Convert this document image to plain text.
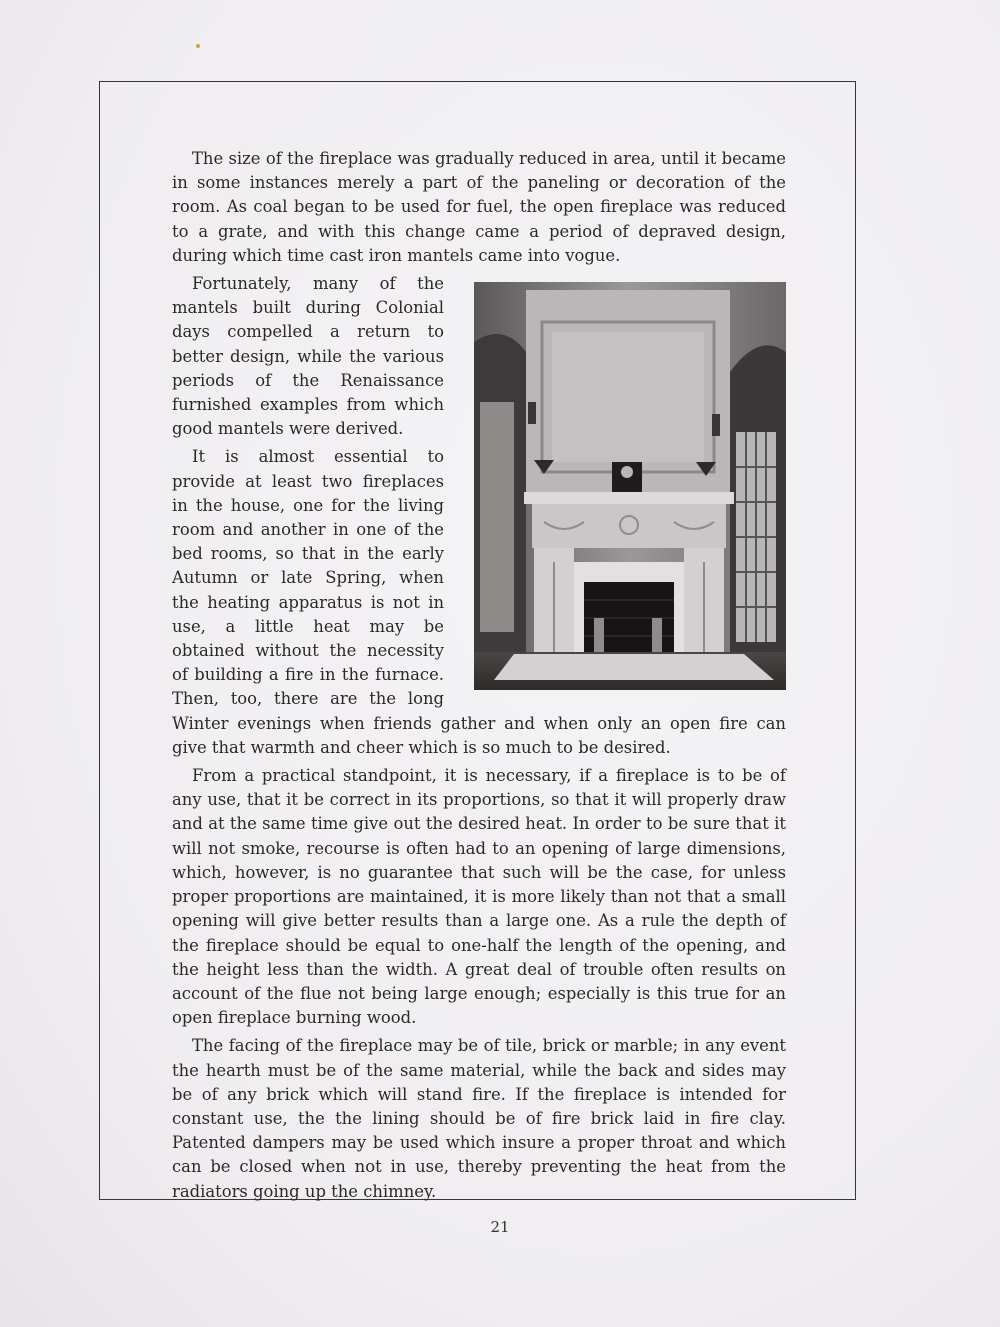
The size of the fireplace was gradually reduced in area, until it became in some instances merely a part of the paneling or decoration of the room. As coal began to be used for fuel, the open fireplace was reduced to a grate, and with this change came a period of depraved design, during which time cast iron mantels came into vogue.

Fortunately, many of the mantels built during Colonial days compelled a return to better design, while the various periods of the Renaissance furnished examples from which good mantels were derived.

It is almost essential to provide at least two fireplaces in the house, one for the living room and another in one of the bed rooms, so that in the early Autumn or late Spring, when the heating apparatus is not in use, a little heat may be obtained without the necessity of building a fire in the furnace. Then, too, there are the long Winter evenings when friends gather and when only an open fire can give that warmth and cheer which is so much to be desired.

From a practical standpoint, it is necessary, if a fireplace is to be of any use, that it be correct in its proportions, so that it will properly draw and at the same time give out the desired heat. In order to be sure that it will not smoke, recourse is often had to an opening of large dimensions, which, however, is no guarantee that such will be the case, for unless proper proportions are maintained, it is more likely than not that a small opening will give better results than a large one. As a rule the depth of the fireplace should be equal to one-half the length of the opening, and the height less than the width. A great deal of trouble often results on account of the flue not being large enough; especially is this true for an open fireplace burning wood.

The facing of the fireplace may be of tile, brick or marble; in any event the hearth must be of the same material, while the back and sides may be of any brick which will stand fire. If the fireplace is intended for constant use, the the lining should be of fire brick laid in fire clay. Patented dampers may be used which insure a proper throat and which can be closed when not in use, thereby preventing the heat from the radiators going up the chimney.

21
